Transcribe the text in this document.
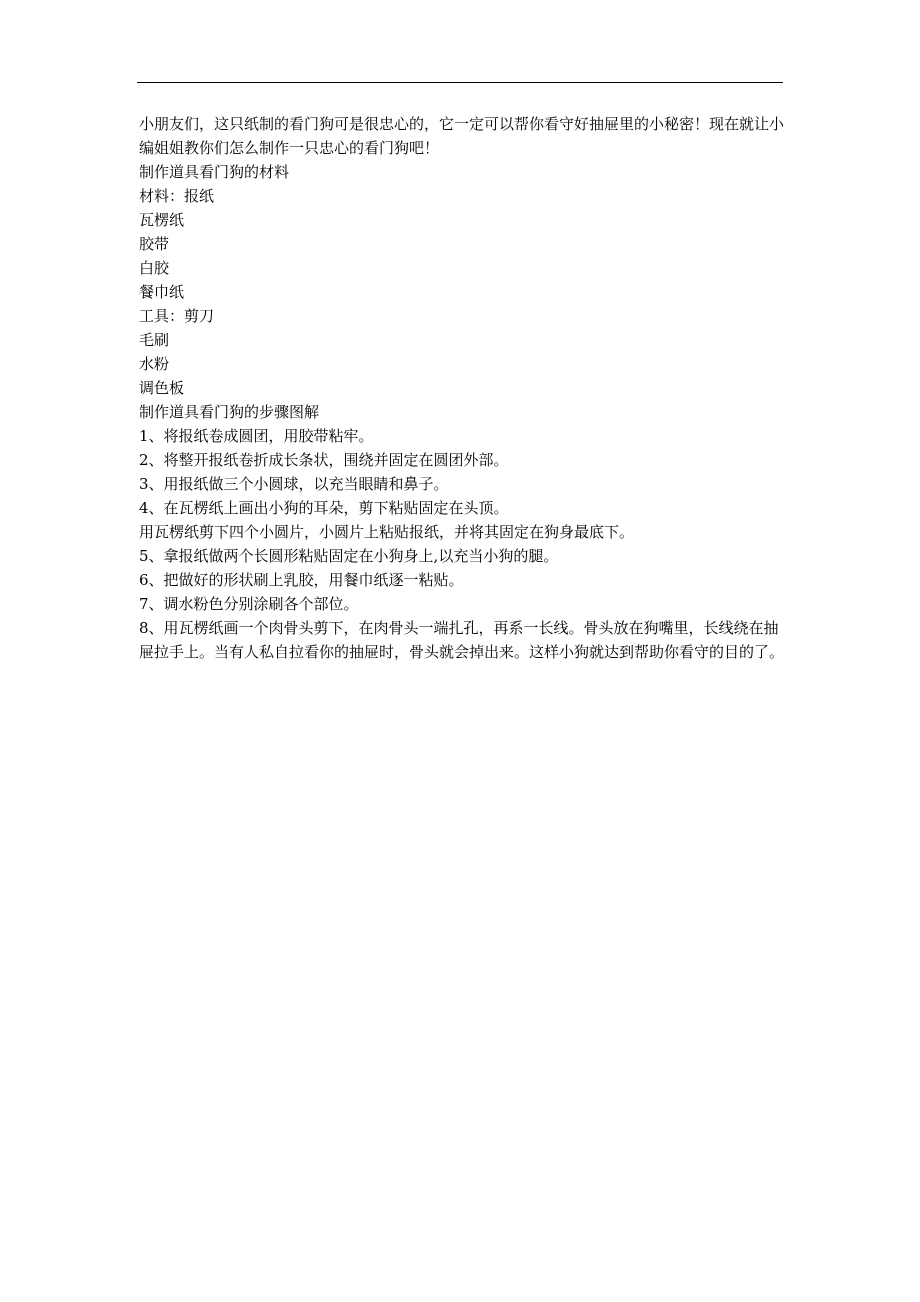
小朋友们，这只纸制的看门狗可是很忠心的，它一定可以帮你看守好抽屉里的小秘密！现在就让小编姐姐教你们怎么制作一只忠心的看门狗吧！
制作道具看门狗的材料
材料：报纸
瓦楞纸
胶带
白胶
餐巾纸
工具：剪刀
毛刷
水粉
调色板
制作道具看门狗的步骤图解
1、将报纸卷成圆团，用胶带粘牢。
2、将整开报纸卷折成长条状，围绕并固定在圆团外部。
3、用报纸做三个小圆球，以充当眼睛和鼻子。
4、在瓦楞纸上画出小狗的耳朵，剪下粘贴固定在头顶。
用瓦楞纸剪下四个小圆片，小圆片上粘贴报纸，并将其固定在狗身最底下。
5、拿报纸做两个长圆形粘贴固定在小狗身上,以充当小狗的腿。
6、把做好的形状刷上乳胶，用餐巾纸逐一粘贴。
7、调水粉色分别涂刷各个部位。
8、用瓦楞纸画一个肉骨头剪下，在肉骨头一端扎孔，再系一长线。骨头放在狗嘴里，长线绕在抽屉拉手上。当有人私自拉看你的抽屉时，骨头就会掉出来。这样小狗就达到帮助你看守的目的了。
